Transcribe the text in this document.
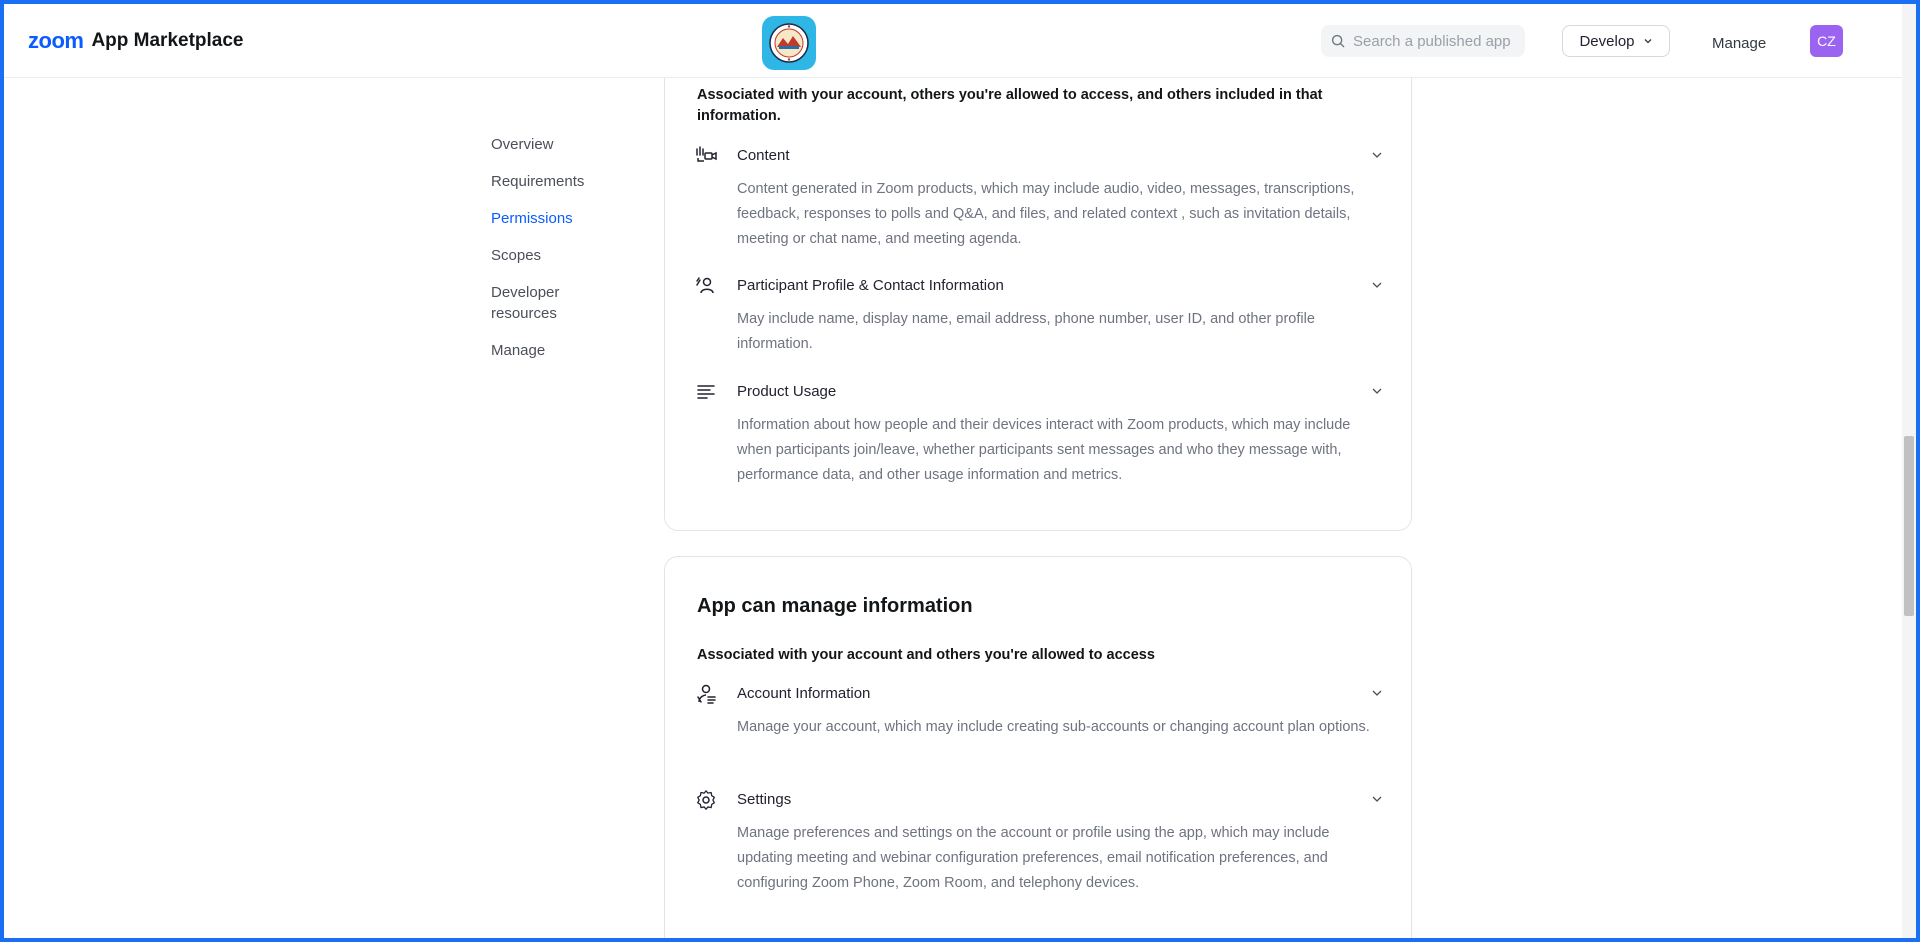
zoom App Marketplace
Search a published app	Develop	Manage	CZ
Overview
Requirements
Permissions
Scopes
Developer resources
Manage
Associated with your account, others you're allowed to access, and others included in that information.
Content
Content generated in Zoom products, which may include audio, video, messages, transcriptions, feedback, responses to polls and Q&A, and files, and related context , such as invitation details, meeting or chat name, and meeting agenda.
Participant Profile & Contact Information
May include name, display name, email address, phone number, user ID, and other profile information.
Product Usage
Information about how people and their devices interact with Zoom products, which may include when participants join/leave, whether participants sent messages and who they message with, performance data, and other usage information and metrics.
App can manage information
Associated with your account and others you're allowed to access
Account Information
Manage your account, which may include creating sub-accounts or changing account plan options.
Settings
Manage preferences and settings on the account or profile using the app, which may include updating meeting and webinar configuration preferences, email notification preferences, and configuring Zoom Phone, Zoom Room, and telephony devices.
